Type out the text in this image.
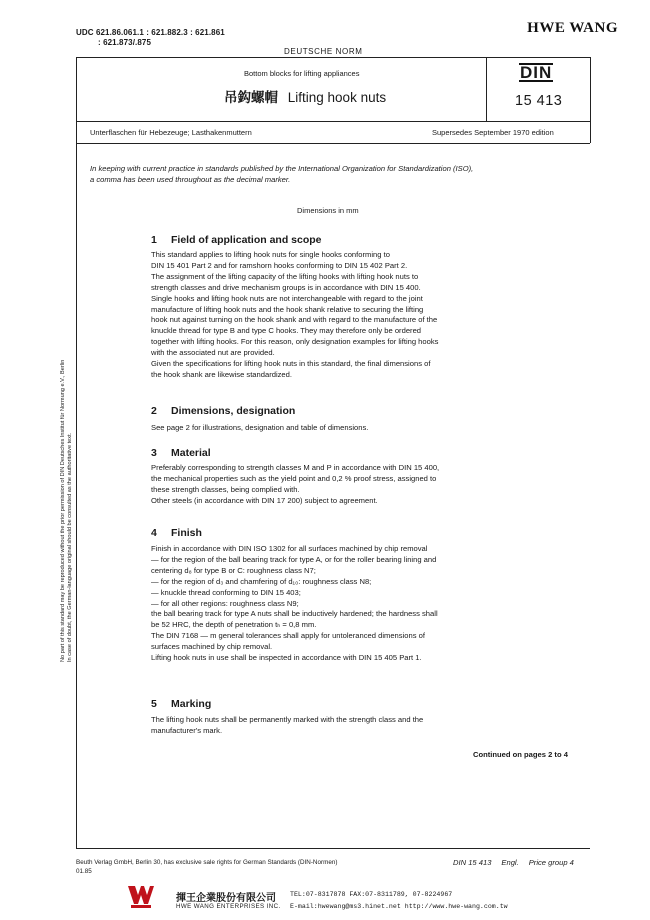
UDC 621.86.061.1 : 621.882.3 : 621.861
: 621.873/.875
HWE WANG
DEUTSCHE NORM
Bottom blocks for lifting appliances
吊鈎螺帽 Lifting hook nuts
DIN
15 413
Unterflaschen für Hebezeuge; Lasthakenmuttern	Supersedes September 1970 edition
In keeping with current practice in standards published by the International Organization for Standardization (ISO),
a comma has been used throughout as the decimal marker.
Dimensions in mm
1 Field of application and scope
This standard applies to lifting hook nuts for single hooks conforming to
DIN 15 401 Part 2 and for ramshorn hooks conforming to DIN 15 402 Part 2.
The assignment of the lifting capacity of the lifting hooks with lifting hook nuts to
strength classes and drive mechanism groups is in accordance with DIN 15 400.
Single hooks and lifting hook nuts are not interchangeable with regard to the joint
manufacture of lifting hook nuts and the hook shank relative to securing the lifting
hook nut against turning on the hook shank and with regard to the manufacture of the
knuckle thread for type B and type C hooks. They may therefore only be ordered
together with lifting hooks. For this reason, only designation examples for lifting hooks
with the associated nut are provided.
Given the specifications for lifting hook nuts in this standard, the final dimensions of
the hook shank are likewise standardized.
2 Dimensions, designation
See page 2 for illustrations, designation and table of dimensions.
3 Material
Preferably corresponding to strength classes M and P in accordance with DIN 15 400,
the mechanical properties such as the yield point and 0,2 % proof stress, assigned to
these strength classes, being complied with.
Other steels (in accordance with DIN 17 200) subject to agreement.
4 Finish
Finish in accordance with DIN ISO 1302 for all surfaces machined by chip removal
— for the region of the ball bearing track for type A, or for the roller bearing lining and
centering d₈ for type B or C: roughness class N7;
— for the region of d₃ and chamfering of d₁₀: roughness class N8;
— knuckle thread conforming to DIN 15 403;
— for all other regions: roughness class N9;
the ball bearing track for type A nuts shall be inductively hardened; the hardness shall
be 52 HRC, the depth of penetration tₕ = 0,8 mm.
The DIN 7168 — m general tolerances shall apply for untoleranced dimensions of
surfaces machined by chip removal.
Lifting hook nuts in use shall be inspected in accordance with DIN 15 405 Part 1.
5 Marking
The lifting hook nuts shall be permanently marked with the strength class and the
manufacturer's mark.
Continued on pages 2 to 4
No part of this standard may be reproduced without the prior permission of DIN Deutsches Institut für Normung e.V., Berlin In case of doubt, the German-language original should be consulted as the authoritative text.
Beuth Verlag GmbH, Berlin 30, has exclusive sale rights for German Standards (DIN-Normen)
01.85
DIN 15 413 Engl. Price group 4
揮王企業股份有限公司
HWE WANG ENTERPRISES INC.
TEL:07-8317878 FAX:07-8311789, 07-8224967
E-mail:hwewang@ms3.hinet.net http://www.hwe-wang.com.tw
